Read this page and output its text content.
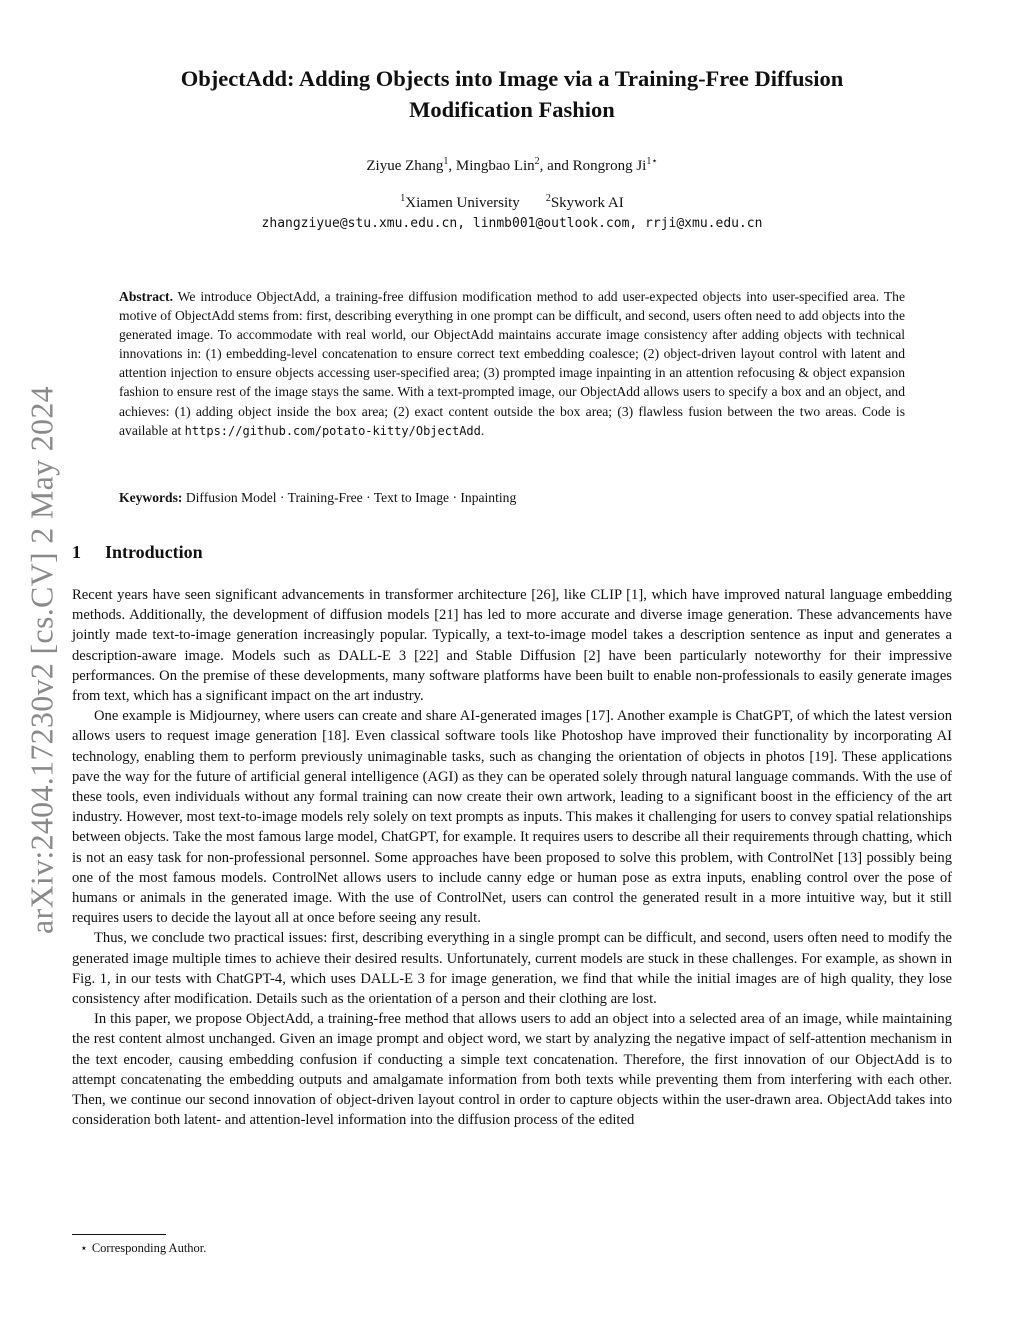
arXiv:2404.17230v2 [cs.CV] 2 May 2024
ObjectAdd: Adding Objects into Image via a Training-Free Diffusion
Modification Fashion
Ziyue Zhang$^1$, Mingbao Lin$^2$, and Rongrong $Ji^{1⋆}$
$^1$Xiamen University	$^2$Skywork AI
zhangziyue@stu.xmu.edu.cn, linmb001@outlook.com, rrji@xmu.edu.cn
Abstract. We introduce ObjectAdd, a training-free diffusion modification method to add user-expected objects into user-specified area. The motive of ObjectAdd stems from: first, describing everything in one prompt can be difficult, and second, users often need to add objects into the generated image. To accommodate with real world, our ObjectAdd maintains accurate image consistency after adding objects with technical innovations in: (1) embedding-level concatenation to ensure correct text embedding coalesce; (2) object-driven layout control with latent and attention injection to ensure objects accessing user-specified area; (3) prompted image inpainting in an attention refocusing & object expansion fashion to ensure rest of the image stays the same. With a text-prompted image, our ObjectAdd allows users to specify a box and an object, and achieves: (1) adding object inside the box area; (2) exact content outside the box area; (3) flawless fusion between the two areas. Code is available at https://github.com/potato-kitty/ObjectAdd.
Keywords: Diffusion Model · Training-Free · Text to Image · Inpainting
1 Introduction

Recent years have seen significant advancements in transformer architecture [26], like CLIP [1], which have improved natural language embedding methods. Additionally, the development of diffusion models [21] has led to more accurate and diverse image generation. These advancements have jointly made text-to-image generation increasingly popular. Typically, a text-to-image model takes a description sentence as input and generates a description-aware image. Models such as DALL-E 3 [22] and Stable Diffusion [2] have been particularly noteworthy for their impressive performances. On the premise of these developments, many software platforms have been built to enable non-professionals to easily generate images from text, which has a significant impact on the art industry.

One example is Midjourney, where users can create and share AI-generated images [17]. Another example is ChatGPT, of which the latest version allows users to request image generation [18]. Even classical software tools like Photoshop have improved their functionality by incorporating AI technology, enabling them to perform previously unimaginable tasks, such as changing the orientation of objects in photos [19]. These applications pave the way for the future of artificial general intelligence (AGI) as they can be operated solely through natural language commands. With the use of these tools, even individuals without any formal training can now create their own artwork, leading to a significant boost in the efficiency of the art industry. However, most text-to-image models rely solely on text prompts as inputs. This makes it challenging for users to convey spatial relationships between objects. Take the most famous large model, ChatGPT, for example. It requires users to describe all their requirements through chatting, which is not an easy task for non-professional personnel. Some approaches have been proposed to solve this problem, with ControlNet [13] possibly being one of the most famous models. ControlNet allows users to include canny edge or human pose as extra inputs, enabling control over the pose of humans or animals in the generated image. With the use of ControlNet, users can control the generated result in a more intuitive way, but it still requires users to decide the layout all at once before seeing any result.

Thus, we conclude two practical issues: first, describing everything in a single prompt can be difficult, and second, users often need to modify the generated image multiple times to achieve their desired results. Unfortunately, current models are stuck in these challenges. For example, as shown in Fig. 1, in our tests with ChatGPT-4, which uses DALL-E 3 for image generation, we find that while the initial images are of high quality, they lose consistency after modification. Details such as the orientation of a person and their clothing are lost.

In this paper, we propose ObjectAdd, a training-free method that allows users to add an object into a selected area of an image, while maintaining the rest content almost unchanged. Given an image prompt and object word, we start by analyzing the negative impact of self-attention mechanism in the text encoder, causing embedding confusion if conducting a simple text concatenation. Therefore, the first innovation of our ObjectAdd is to attempt concatenating the embedding outputs and amalgamate information from both texts while preventing them from interfering with each other. Then, we continue our second innovation of object-driven layout control in order to capture objects within the user-drawn area. ObjectAdd takes into consideration both latent- and attention-level information into the diffusion process of the edited

⋆ Corresponding Author.
